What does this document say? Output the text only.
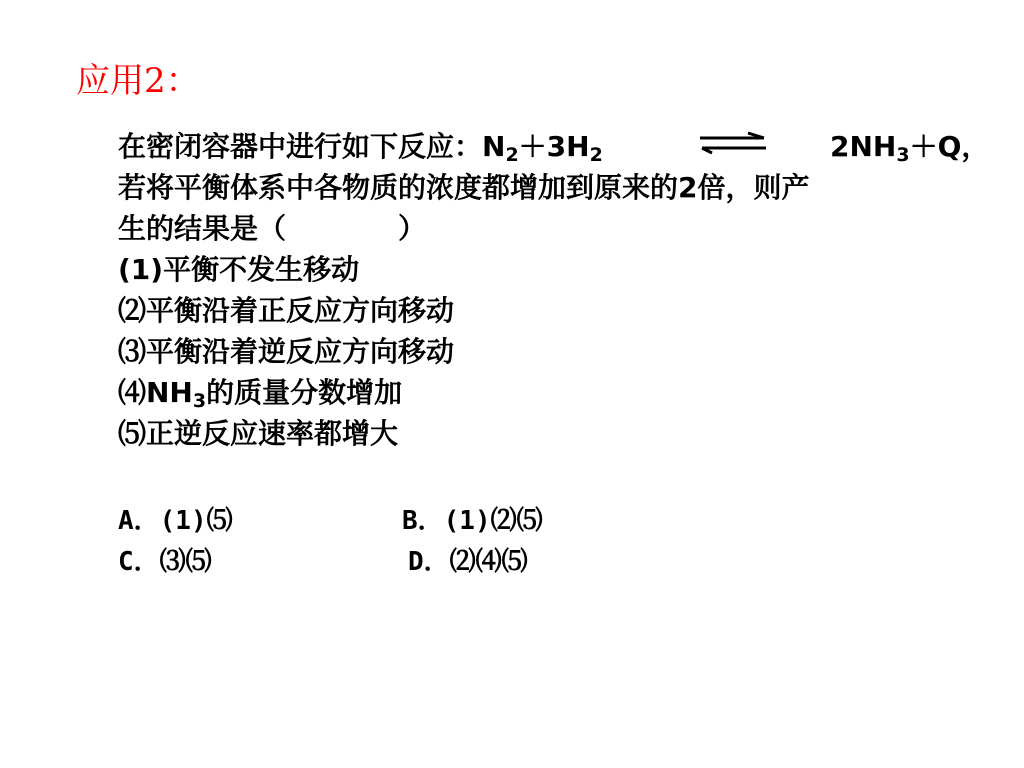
应用2：
在密闭容器中进行如下反应：$N_2+3H_2$	$2NH_3+Q$，
若将平衡体系中各物质的浓度都增加到原来的2倍，则产
生的结果是（　　　　）
(1)平衡不发生移动
⑵平衡沿着正反应方向移动
⑶平衡沿着逆反应方向移动
$⑷NH_3$的质量分数增加
⑸正逆反应速率都增大
A．(1)⑸	B．(1)⑵⑸
C．⑶⑸	D．⑵⑷⑸
